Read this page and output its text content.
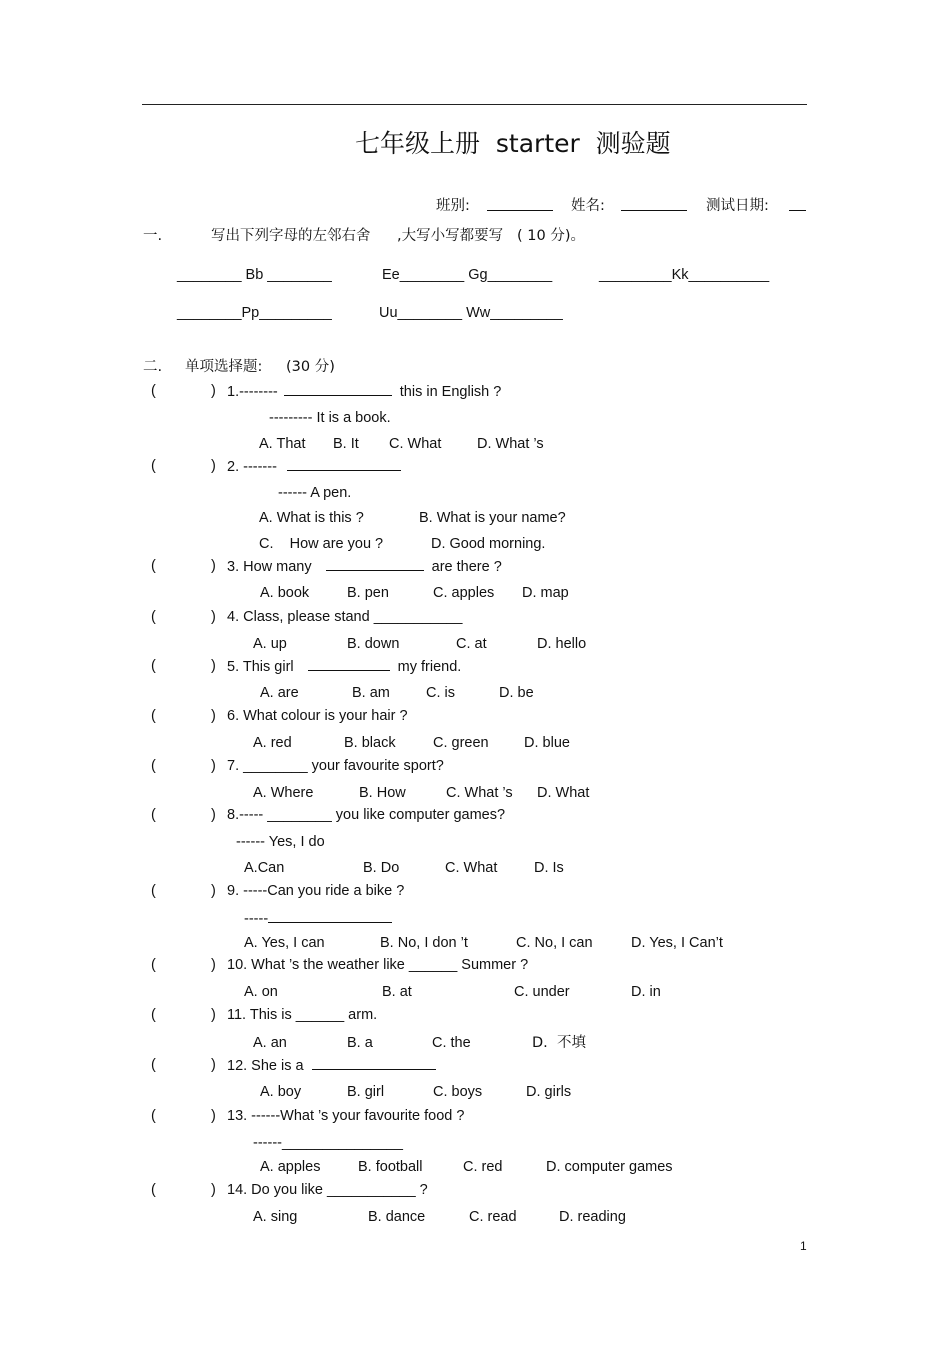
七年级上册  starter  测验题
班别:	姓名:	测试日期:
一.	写出下列字母的左邻右舍 ,大写小写都要写 ( 10 分)。
________ Bb ________	Ee________ Gg________	_________Kk__________
________Pp_________	Uu________ Ww_________
二. 单项选择题: (30 分)
(	) 1.--------	this in English ?
--------- It is a book.
A. That B. It C. What D. What ’s
(	) 2. -------
------ A pen.
A. What is this ?	B. What is your name?
C.    How are you ?	D. Good morning.
(	) 3. How many	are there ?
A. book	B. pen	C. apples D. map
(	) 4. Class, please stand ___________
A. up	B. down	C. at	D. hello
(	) 5. This girl	my friend.
A. are	B. am C. is	D. be
(	) 6. What colour is your hair ?
A. red	B. black	C. green D. blue
(	) 7. ________ your favourite sport?
A. Where	B. How	C. What ’s D. What
(	) 8.----- ________ you like computer games?
------ Yes, I do
A.Can	B. Do	C. What	D. Is
(	) 9. -----Can you ride a bike ?
-----
A. Yes, I can	B. No, I don ’t	C. No, I can	D. Yes, I Can’t
(	) 10. What ’s the weather like ______ Summer ?
A. on	B. at	C. under	D. in
(	) 11. This is ______ arm.
A. an	B. a	C. the	D.  不填
(	) 12. She is a
A. boy	B. girl	C. boys	D. girls
(	) 13. ------What ’s your favourite food ?
------_______________
A. apples	B. football	C. red	D. computer games
(	) 14. Do you like ___________ ?
A. sing	B. dance	C. read	D. reading
1
